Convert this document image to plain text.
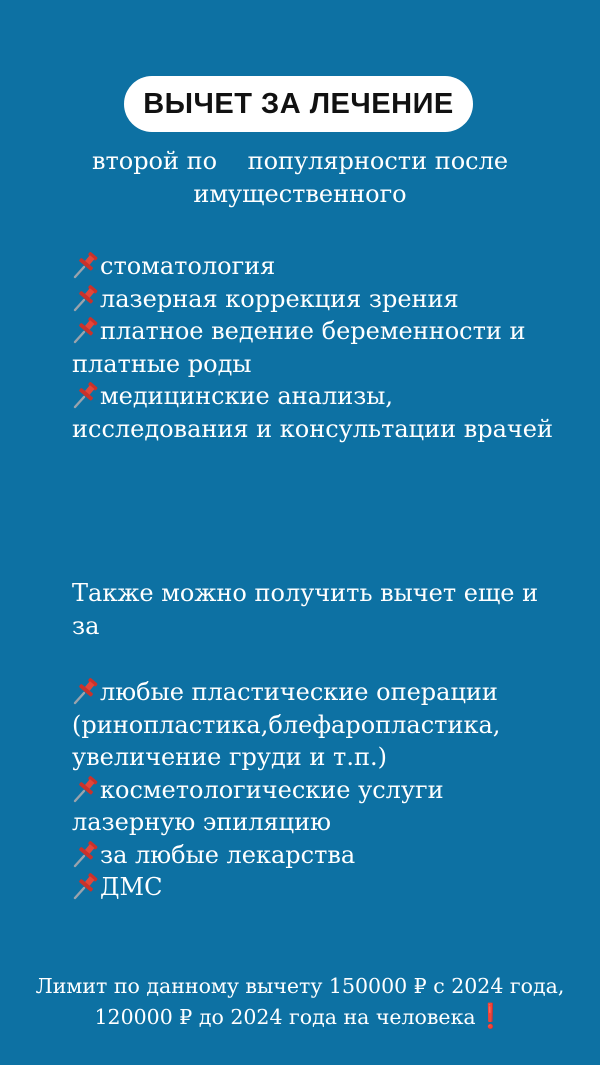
ВЫЧЕТ ЗА ЛЕЧЕНИЕ
второй по    популярности после
имущественного
стоматология
лазерная коррекция зрения
платное ведение беременности и платные роды
медицинские анализы, исследования и консультации врачей

Также можно получить вычет еще и за

любые пластические операции (ринопластика,блефаропластика, увеличение груди и т.п.)
косметологические услуги лазерную эпиляцию
за любые лекарства
ДМС
Лимит по данному вычету 150000 ₽ с 2024 года, 120000 ₽ до 2024 года на человека❗
